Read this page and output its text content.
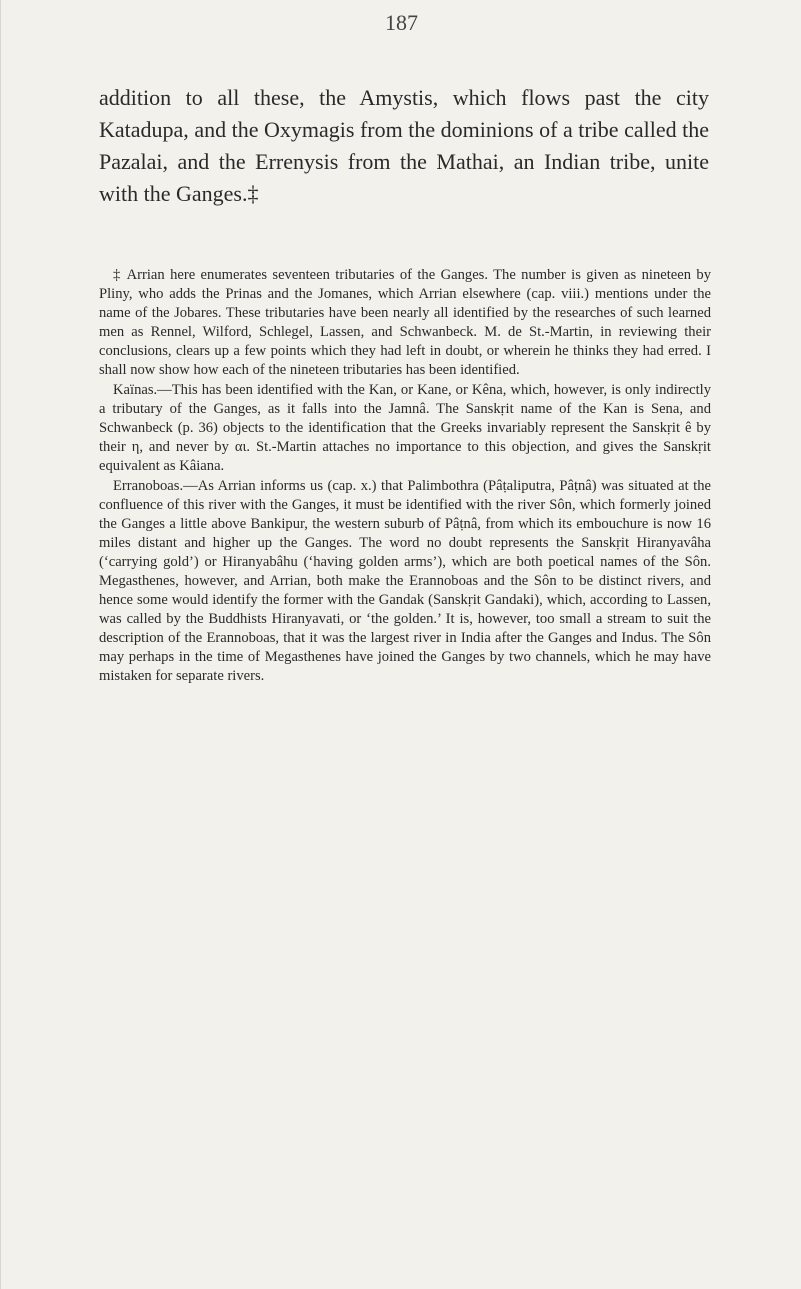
187

addition to all these, the Amystis, which flows past the city Katadupa, and the Oxymagis from the dominions of a tribe called the Pazalai, and the Errenysis from the Mathai, an Indian tribe, unite with the Ganges.‡

‡ Arrian here enumerates seventeen tributaries of the Ganges. The number is given as nineteen by Pliny, who adds the Prinas and the Jomanes, which Arrian elsewhere (cap. viii.) mentions under the name of the Jobares. These tributaries have been nearly all identified by the researches of such learned men as Rennel, Wilford, Schlegel, Lassen, and Schwanbeck. M. de St.-Martin, in reviewing their conclusions, clears up a few points which they had left in doubt, or wherein he thinks they had erred. I shall now show how each of the nineteen tributaries has been identified.

Kaïnas.—This has been identified with the Kan, or Kane, or Kêna, which, however, is only indirectly a tributary of the Ganges, as it falls into the Jamnâ. The Sanskṛit name of the Kan is Sena, and Schwanbeck (p. 36) objects to the identification that the Greeks invariably represent the Sanskṛit ê by their η, and never by αι. St.-Martin attaches no importance to this objection, and gives the Sanskṛit equivalent as Kâiana.

Erranoboas.—As Arrian informs us (cap. x.) that Palimbothra (Pâṭaliputra, Pâṭnâ) was situated at the confluence of this river with the Ganges, it must be identified with the river Sôn, which formerly joined the Ganges a little above Bankipur, the western suburb of Pâṭnâ, from which its embouchure is now 16 miles distant and higher up the Ganges. The word no doubt represents the Sanskṛit Hiranyavâha (‘carrying gold’) or Hiranyabâhu (‘having golden arms’), which are both poetical names of the Sôn. Megasthenes, however, and Arrian, both make the Erannoboas and the Sôn to be distinct rivers, and hence some would identify the former with the Gandak (Sanskṛit Gandaki), which, according to Lassen, was called by the Buddhists Hiranyavati, or ‘the golden.’ It is, however, too small a stream to suit the description of the Erannoboas, that it was the largest river in India after the Ganges and Indus. The Sôn may perhaps in the time of Megasthenes have joined the Ganges by two channels, which he may have mistaken for separate rivers.
